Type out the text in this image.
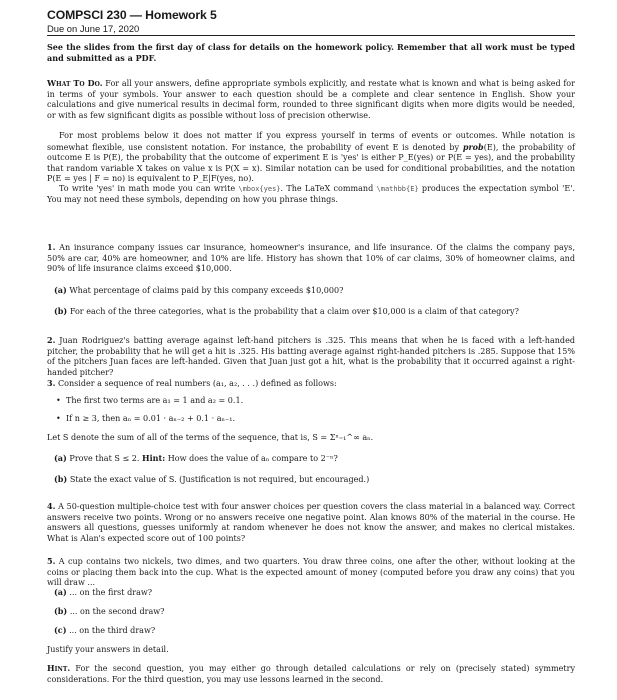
COMPSCI 230 — Homework 5
Due on June 17, 2020

See the slides from the first day of class for details on the homework policy. Remember that all work must be typed and submitted as a PDF.

What To Do. For all your answers, define appropriate symbols explicitly, and restate what is known and what is being asked for in terms of your symbols. Your answer to each question should be a complete and clear sentence in English. Show your calculations and give numerical results in decimal form, rounded to three significant digits when more digits would be needed, or with as few significant digits as possible without loss of precision otherwise.

For most problems below it does not matter if you express yourself in terms of events or outcomes. While notation is somewhat flexible, use consistent notation. For instance, the probability of event E is denoted by prob(E), the probability of outcome E is P(E), the probability that the outcome of experiment E is 'yes' is either P_E(yes) or P(E = yes), and the probability that random variable X takes on value x is P(X = x). Similar notation can be used for conditional probabilities, and the notation P(E = yes | F = no) is equivalent to P_E|F(yes, no).

To write 'yes' in math mode you can write \mbox{yes}. The LaTeX command \mathbb{E} produces the expectation symbol 'E'. You may not need these symbols, depending on how you phrase things.

1. An insurance company issues car insurance, homeowner's insurance, and life insurance. Of the claims the company pays, 50% are car, 40% are homeowner, and 10% are life. History has shown that 10% of car claims, 30% of homeowner claims, and 90% of life insurance claims exceed $10,000.

(a) What percentage of claims paid by this company exceeds $10,000?

(b) For each of the three categories, what is the probability that a claim over $10,000 is a claim of that category?

2. Juan Rodriguez's batting average against left-hand pitchers is .325. This means that when he is faced with a left-handed pitcher, the probability that he will get a hit is .325. His batting average against right-handed pitchers is .285. Suppose that 15% of the pitchers Juan faces are left-handed. Given that Juan just got a hit, what is the probability that it occurred against a right-handed pitcher?

3. Consider a sequence of real numbers (a₁, a₂, . . .) defined as follows:

• The first two terms are a₁ = 1 and a₂ = 0.1.

• If n ≥ 3, then aₙ = 0.01 · aₙ₋₂ + 0.1 · aₙ₋₁.

Let S denote the sum of all of the terms of the sequence, that is, S = Σⁿ₌₁^∞ aₙ.

(a) Prove that S ≤ 2. Hint: How does the value of aₙ compare to 2⁻ⁿ?

(b) State the exact value of S. (Justification is not required, but encouraged.)

4. A 50-question multiple-choice test with four answer choices per question covers the class material in a balanced way. Correct answers receive two points. Wrong or no answers receive one negative point. Alan knows 80% of the material in the course. He answers all questions, guesses uniformly at random whenever he does not know the answer, and makes no clerical mistakes. What is Alan's expected score out of 100 points?

5. A cup contains two nickels, two dimes, and two quarters. You draw three coins, one after the other, without looking at the coins or placing them back into the cup. What is the expected amount of money (computed before you draw any coins) that you will draw ...

(a) ... on the first draw?

(b) ... on the second draw?

(c) ... on the third draw?

Justify your answers in detail.

Hint. For the second question, you may either go through detailed calculations or rely on (precisely stated) symmetry considerations. For the third question, you may use lessons learned in the second.
